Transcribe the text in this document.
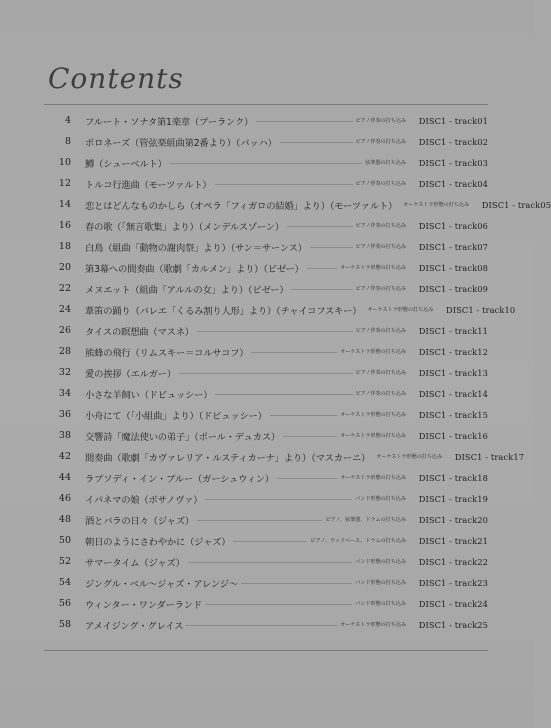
Contents
4 フルート・ソナタ第1楽章（プーランク）	ピアノ伴奏の打ち込み	DISC1 - track01
8 ポロネーズ（管弦楽組曲第2番より）（バッハ）	ピアノ伴奏の打ち込み	DISC1 - track02
10 鱒（シューベルト）	弦楽器の打ち込み	DISC1 - track03
12 トルコ行進曲（モーツァルト）	ピアノ伴奏の打ち込み	DISC1 - track04
14 恋とはどんなものかしら（オペラ「フィガロの結婚」より）（モーツァルト） オーケストラ形態の打ち込み	DISC1 - track05
16 春の歌（「無言歌集」より）（メンデルスゾーン）	ピアノ伴奏の打ち込み	DISC1 - track06
18 白鳥（組曲「動物の謝肉祭」より）（サン＝サーンス）	ピアノ伴奏の打ち込み	DISC1 - track07
20 第3幕への間奏曲（歌劇「カルメン」より）（ビゼー）	オーケストラ形態の打ち込み	DISC1 - track08
22 メヌエット（組曲「アルルの女」より）（ビゼー）	ピアノ伴奏の打ち込み	DISC1 - track09
24 葦笛の踊り（バレエ「くるみ割り人形」より）（チャイコフスキー） オーケストラ形態の打ち込み	DISC1 - track10
26 タイスの瞑想曲（マスネ）	ピアノ伴奏の打ち込み	DISC1 - track11
28 熊蜂の飛行（リムスキー＝コルサコフ）	オーケストラ形態の打ち込み	DISC1 - track12
32 愛の挨拶（エルガー）	ピアノ伴奏の打ち込み	DISC1 - track13
34 小さな羊飼い（ドビュッシー）	ピアノ伴奏の打ち込み	DISC1 - track14
36 小舟にて（「小組曲」より）（ドビュッシー）	オーケストラ形態の打ち込み	DISC1 - track15
38 交響詩「魔法使いの弟子」（ポール・デュカス）	オーケストラ形態の打ち込み	DISC1 - track16
42 間奏曲（歌劇「カヴァレリア・ルスティカーナ」より）（マスカーニ） オーケストラ形態の打ち込み	DISC1 - track17
44 ラプソディ・イン・ブルー（ガーシュウィン）	オーケストラ形態の打ち込み	DISC1 - track18
46 イパネマの娘（ボサノヴァ）	バンド形態の打ち込み	DISC1 - track19
48 酒とバラの日々（ジャズ）	ピアノ、弦楽器、ドラムの打ち込み	DISC1 - track20
50 朝日のようにさわやかに（ジャズ）	ピアノ、ウッドベース、ドラムの打ち込み	DISC1 - track21
52 サマータイム（ジャズ）	バンド形態の打ち込み	DISC1 - track22
54 ジングル・ベル～ジャズ・アレンジ～	バンド形態の打ち込み	DISC1 - track23
56 ウィンター・ワンダーランド	バンド形態の打ち込み	DISC1 - track24
58 アメイジング・グレイス	オーケストラ形態の打ち込み	DISC1 - track25
